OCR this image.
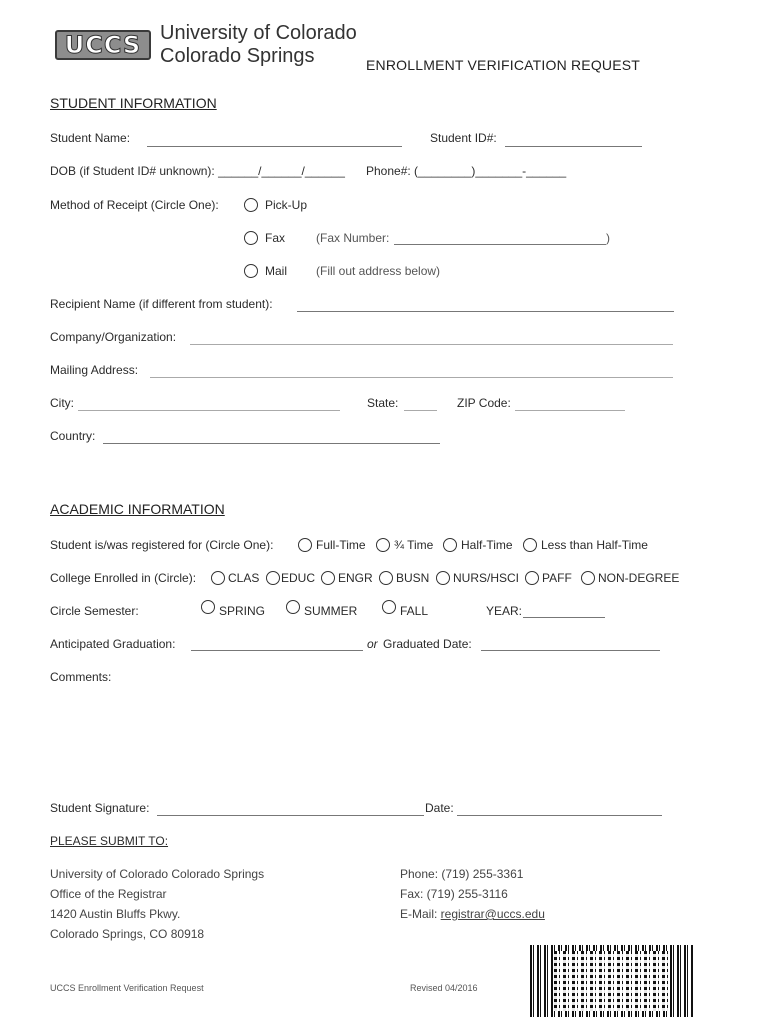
UCCS University of Colorado
Colorado Springs	ENROLLMENT VERIFICATION REQUEST
STUDENT INFORMATION
Student Name:	Student ID#:
DOB (if Student ID# unknown): ______/______/______ Phone#: (________)_______-______
Method of Receipt (Circle One):	Pick-Up
Fax	(Fax Number:	)
Mail (Fill out address below)
Recipient Name (if different from student):
Company/Organization:
Mailing Address:
City:	State:	ZIP Code:
Country:
ACADEMIC INFORMATION
Student is/was registered for (Circle One):	Full-Time ¾ Time Half-Time Less than Half-Time
College Enrolled in (Circle):	CLAS EDUC ENGR BUSN NURS/HSCI PAFF NON-DEGREE
Circle Semester:	SPRING	SUMMER	FALL	YEAR:
Anticipated Graduation:	or Graduated Date:
Comments:
Student Signature:	Date:
PLEASE SUBMIT TO:
University of Colorado Colorado Springs
Office of the Registrar
1420 Austin Bluffs Pkwy.
Colorado Springs, CO 80918
Phone: (719) 255-3361
Fax: (719) 255-3116
E-Mail: registrar@uccs.edu
UCCS Enrollment Verification Request	Revised 04/2016
